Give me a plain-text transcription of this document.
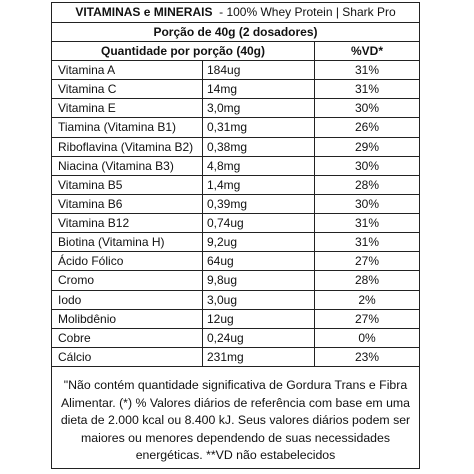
VITAMINAS e MINERAIS  - 100% Whey Protein | Shark Pro
Porção de 40g (2 dosadores)
Quantidade por porção (40g)	%VD*
Vitamina A	184ug	31%
Vitamina C	14mg	31%
Vitamina E	3,0mg	30%
Tiamina (Vitamina B1)	0,31mg	26%
Riboflavina (Vitamina B2)	0,38mg	29%
Niacina (Vitamina B3)	4,8mg	30%
Vitamina B5	1,4mg	28%
Vitamina B6	0,39mg	30%
Vitamina B12	0,74ug	31%
Biotina (Vitamina H)	9,2ug	31%
Ácido Fólico	64ug	27%
Cromo	9,8ug	28%
Iodo	3,0ug	2%
Molibdênio	12ug	27%
Cobre	0,24ug	0%
Cálcio	231mg	23%
"Não contém quantidade significativa de Gordura Trans e Fibra Alimentar. (*) % Valores diários de referência com base em uma dieta de 2.000 kcal ou 8.400 kJ. Seus valores diários podem ser maiores ou menores dependendo de suas necessidades energéticas. **VD não estabelecidos
